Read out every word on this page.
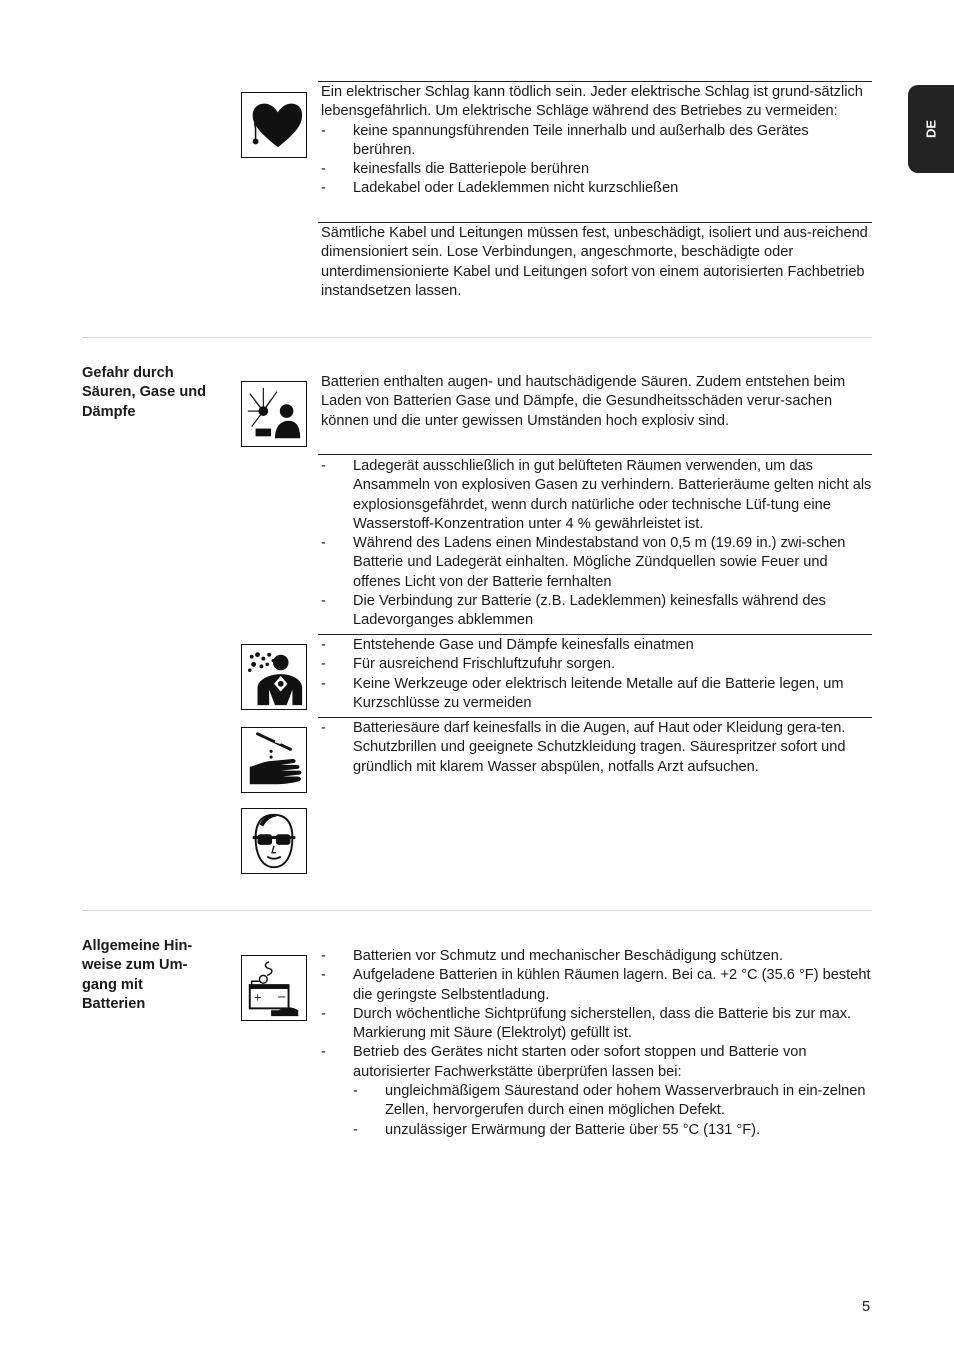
DE
Ein elektrischer Schlag kann tödlich sein. Jeder elektrische Schlag ist grund-sätzlich lebensgefährlich. Um elektrische Schläge während des Betriebes zu vermeiden:
- keine spannungsführenden Teile innerhalb und außerhalb des Gerätes berühren.
- keinesfalls die Batteriepole berühren
- Ladekabel oder Ladeklemmen nicht kurzschließen
Sämtliche Kabel und Leitungen müssen fest, unbeschädigt, isoliert und aus-reichend dimensioniert sein. Lose Verbindungen, angeschmorte, beschädigte oder unterdimensionierte Kabel und Leitungen sofort von einem autorisierten Fachbetrieb instandsetzen lassen.
Gefahr durch Säuren, Gase und Dämpfe
Batterien enthalten augen- und hautschädigende Säuren. Zudem entstehen beim Laden von Batterien Gase und Dämpfe, die Gesundheitsschäden verur-sachen können und die unter gewissen Umständen hoch explosiv sind.
- Ladegerät ausschließlich in gut belüfteten Räumen verwenden, um das Ansammeln von explosiven Gasen zu verhindern. Batterieräume gelten nicht als explosionsgefährdet, wenn durch natürliche oder technische Lüf-tung eine Wasserstoff-Konzentration unter 4 % gewährleistet ist.
- Während des Ladens einen Mindestabstand von 0,5 m (19.69 in.) zwi-schen Batterie und Ladegerät einhalten. Mögliche Zündquellen sowie Feuer und offenes Licht von der Batterie fernhalten
- Die Verbindung zur Batterie (z.B. Ladeklemmen) keinesfalls während des Ladevorganges abklemmen
- Entstehende Gase und Dämpfe keinesfalls einatmen
- Für ausreichend Frischluftzufuhr sorgen.
- Keine Werkzeuge oder elektrisch leitende Metalle auf die Batterie legen, um Kurzschlüsse zu vermeiden
- Batteriesäure darf keinesfalls in die Augen, auf Haut oder Kleidung gera-ten. Schutzbrillen und geeignete Schutzkleidung tragen. Säurespritzer sofort und gründlich mit klarem Wasser abspülen, notfalls Arzt aufsuchen.
Allgemeine Hin-weise zum Um-gang mit Batterien	+ −
- Batterien vor Schmutz und mechanischer Beschädigung schützen.
- Aufgeladene Batterien in kühlen Räumen lagern. Bei ca. +2 °C (35.6 °F) besteht die geringste Selbstentladung.
- Durch wöchentliche Sichtprüfung sicherstellen, dass die Batterie bis zur max. Markierung mit Säure (Elektrolyt) gefüllt ist.
- Betrieb des Gerätes nicht starten oder sofort stoppen und Batterie von autorisierter Fachwerkstätte überprüfen lassen bei:
- ungleichmäßigem Säurestand oder hohem Wasserverbrauch in ein-zelnen Zellen, hervorgerufen durch einen möglichen Defekt.
- unzulässiger Erwärmung der Batterie über 55 °C (131 °F).
5
